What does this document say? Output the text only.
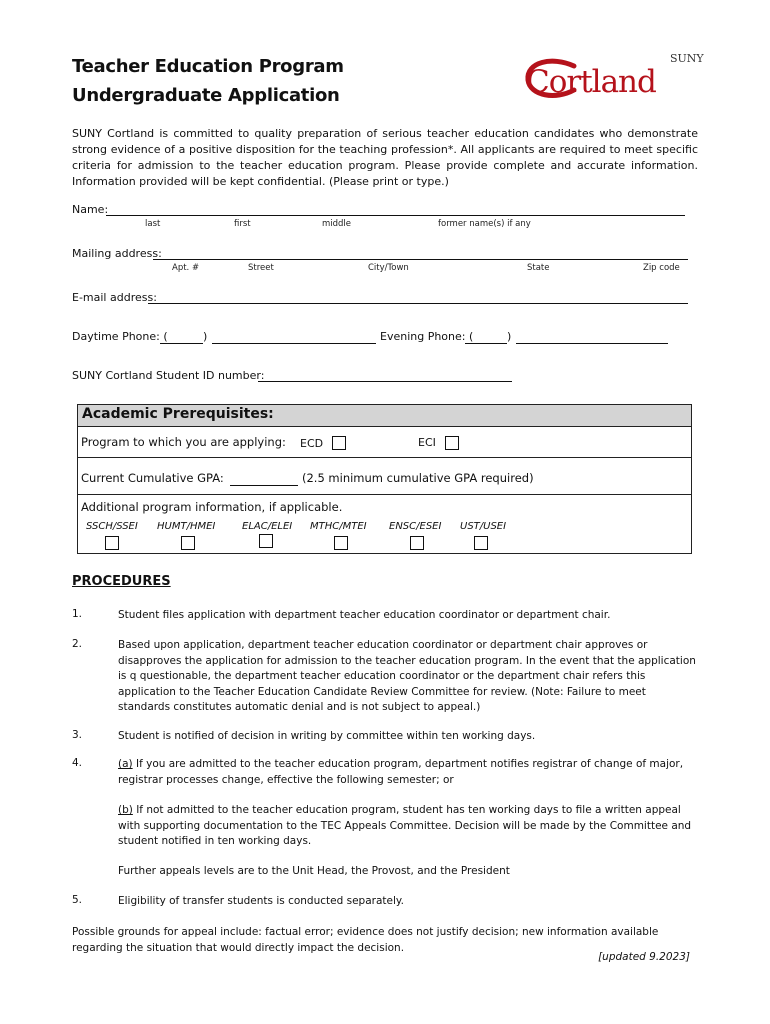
Teacher Education Program
Undergraduate Application
SUNY
Cortland
SUNY Cortland is committed to quality preparation of serious teacher education candidates who demonstrate strong evidence of a positive disposition for the teaching profession*. All applicants are required to meet specific criteria for admission to the teacher education program. Please provide complete and accurate information. Information provided will be kept confidential. (Please print or type.)
Name:
last	first	middle	former name(s) if any
Mailing address:
Apt. #	Street	City/Town	State	Zip code
E-mail address:
Daytime Phone: (	)	Evening Phone: (	)
SUNY Cortland Student ID number:
Academic Prerequisites:
Program to which you are applying: ECD	ECI
Current Cumulative GPA:	(2.5 minimum cumulative GPA required)
Additional program information, if applicable.
SSCH/SSEI HUMT/HMEI	ELAC/ELEI MTHC/MTEI ENSC/ESEI UST/USEI
PROCEDURES
1.	Student files application with department teacher education coordinator or department chair.
2.	Based upon application, department teacher education coordinator or department chair approves or disapproves the application for admission to the teacher education program. In the event that the application is q questionable, the department teacher education coordinator or the department chair refers this application to the Teacher Education Candidate Review Committee for review. (Note: Failure to meet standards constitutes automatic denial and is not subject to appeal.)
3.	Student is notified of decision in writing by committee within ten working days.
4.	(a) If you are admitted to the teacher education program, department notifies registrar of change of major, registrar processes change, effective the following semester; or
(b) If not admitted to the teacher education program, student has ten working days to file a written appeal with supporting documentation to the TEC Appeals Committee. Decision will be made by the Committee and student notified in ten working days.
Further appeals levels are to the Unit Head, the Provost, and the President
5.	Eligibility of transfer students is conducted separately.
Possible grounds for appeal include: factual error; evidence does not justify decision; new information available regarding the situation that would directly impact the decision.
[updated 9.2023]
